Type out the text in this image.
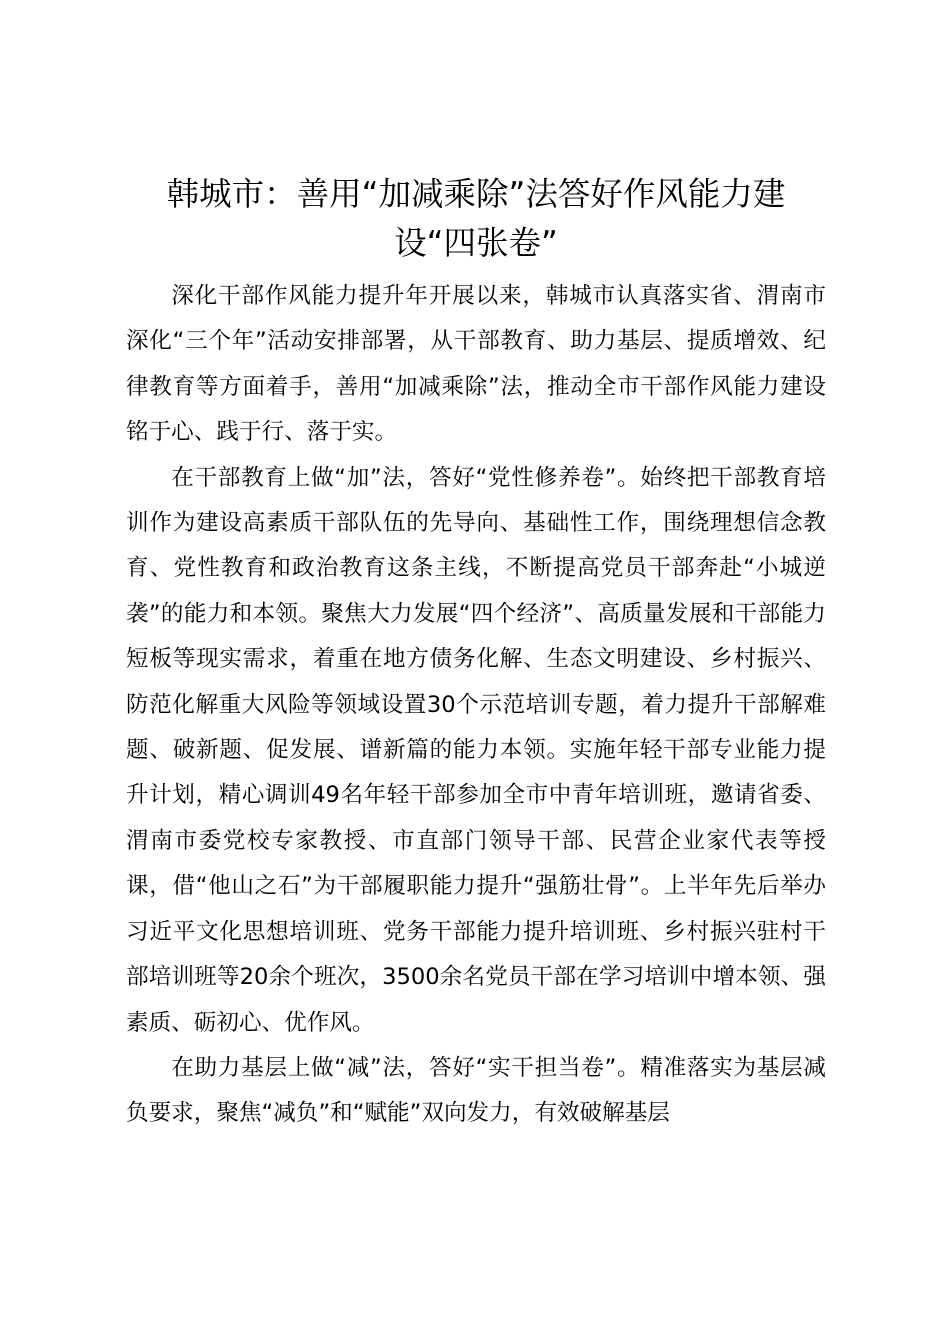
韩城市：善用“加减乘除”法答好作风能力建设“四张卷”

深化干部作风能力提升年开展以来，韩城市认真落实省、渭南市深化“三个年”活动安排部署，从干部教育、助力基层、提质增效、纪律教育等方面着手，善用“加减乘除”法，推动全市干部作风能力建设铭于心、践于行、落于实。

在干部教育上做“加”法，答好“党性修养卷”。始终把干部教育培训作为建设高素质干部队伍的先导向、基础性工作，围绕理想信念教育、党性教育和政治教育这条主线，不断提高党员干部奔赴“小城逆袭”的能力和本领。聚焦大力发展“四个经济”、高质量发展和干部能力短板等现实需求，着重在地方债务化解、生态文明建设、乡村振兴、防范化解重大风险等领域设置30个示范培训专题，着力提升干部解难题、破新题、促发展、谱新篇的能力本领。实施年轻干部专业能力提升计划，精心调训49名年轻干部参加全市中青年培训班，邀请省委、渭南市委党校专家教授、市直部门领导干部、民营企业家代表等授课，借“他山之石”为干部履职能力提升“强筋壮骨”。上半年先后举办习近平文化思想培训班、党务干部能力提升培训班、乡村振兴驻村干部培训班等20余个班次，3500余名党员干部在学习培训中增本领、强素质、砺初心、优作风。

在助力基层上做“减”法，答好“实干担当卷”。精准落实为基层减负要求，聚焦“减负”和“赋能”双向发力，有效破解基层
